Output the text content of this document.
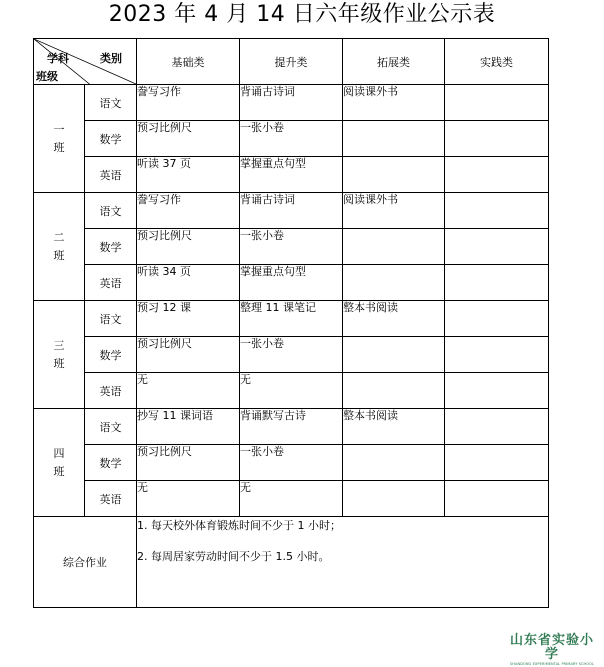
2023 年 4 月 14 日六年级作业公示表
学科 类别
班级		基础类	提升类	拓展类	实践类

一
班	语文	誊写习作	背诵古诗词	阅读课外书	
	数学	预习比例尺	一张小卷		
	英语	听读 37 页	掌握重点句型		

二
班	语文	誊写习作	背诵古诗词	阅读课外书	
	数学	预习比例尺	一张小卷		
	英语	听读 34 页	掌握重点句型		

三
班	语文	预习 12 课	整理 11 课笔记	整本书阅读	
	数学	预习比例尺	一张小卷		
	英语	无	无		

四
班	语文	抄写 11 课词语	背诵默写古诗	整本书阅读	
	数学	预习比例尺	一张小卷		
	英语	无	无		
综合作业		1. 每天校外体育锻炼时间不少于 1 小时；

2. 每周居家劳动时间不少于 1.5 小时。			

山东省实验小学
SHANDONG EXPERIMENTAL PRIMARY SCHOOL
